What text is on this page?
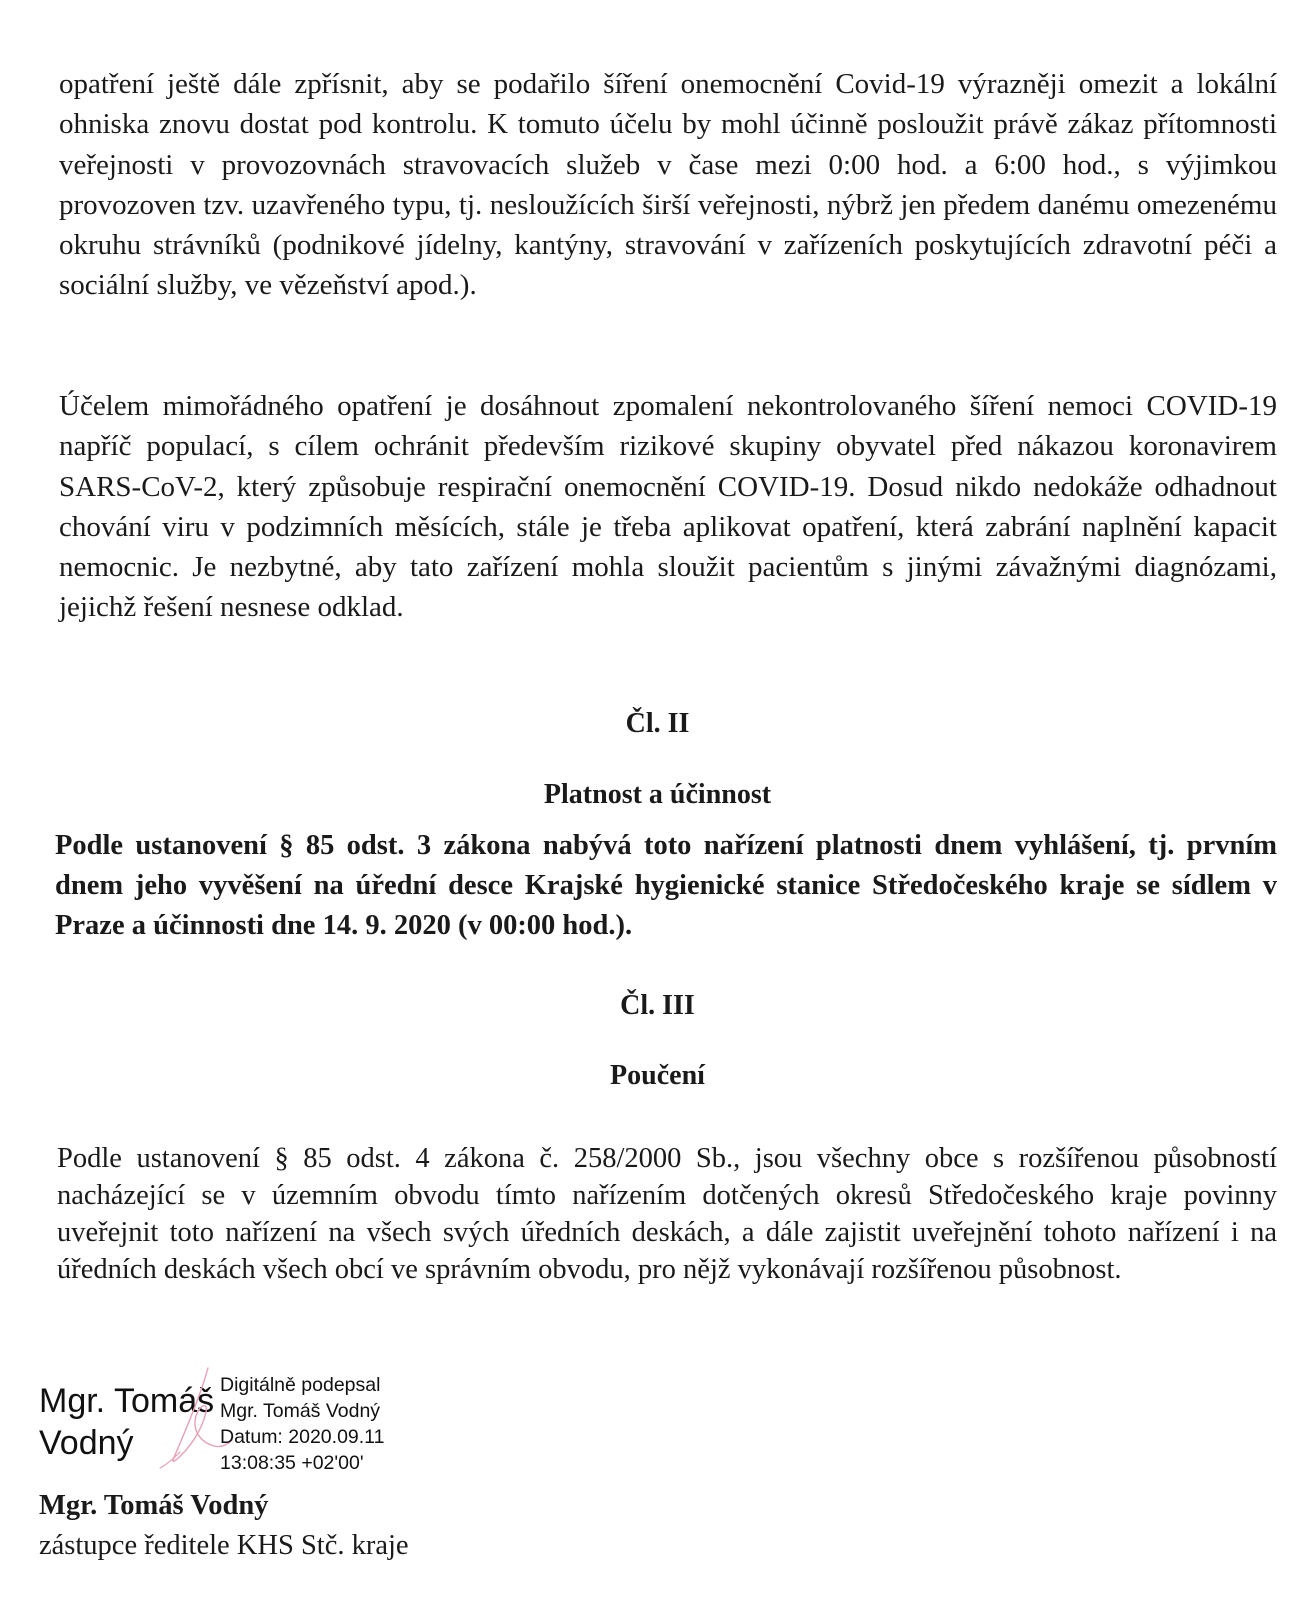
opatření ještě dále zpřísnit, aby se podařilo šíření onemocnění Covid-19 výrazněji omezit a lokální ohniska znovu dostat pod kontrolu. K tomuto účelu by mohl účinně posloužit právě zákaz přítomnosti veřejnosti v provozovnách stravovacích služeb v čase mezi 0:00 hod. a 6:00 hod., s výjimkou provozoven tzv. uzavřeného typu, tj. nesloužících širší veřejnosti, nýbrž jen předem danému omezenému okruhu strávníků (podnikové jídelny, kantýny, stravování v zařízeních poskytujících zdravotní péči a sociální služby, ve vězeňství apod.).

Účelem mimořádného opatření je dosáhnout zpomalení nekontrolovaného šíření nemoci COVID-19 napříč populací, s cílem ochránit především rizikové skupiny obyvatel před nákazou koronavirem SARS-CoV-2, který způsobuje respirační onemocnění COVID-19. Dosud nikdo nedokáže odhadnout chování viru v podzimních měsících, stále je třeba aplikovat opatření, která zabrání naplnění kapacit nemocnic. Je nezbytné, aby tato zařízení mohla sloužit pacientům s jinými závažnými diagnózami, jejichž řešení nesnese odklad.

Čl. II
Platnost a účinnost

Podle ustanovení § 85 odst. 3 zákona nabývá toto nařízení platnosti dnem vyhlášení, tj. prvním dnem jeho vyvěšení na úřední desce Krajské hygienické stanice Středočeského kraje se sídlem v Praze a účinnosti dne 14. 9. 2020 (v 00:00 hod.).

Čl. III
Poučení

Podle ustanovení § 85 odst. 4 zákona č. 258/2000 Sb., jsou všechny obce s rozšířenou působností nacházející se v územním obvodu tímto nařízením dotčených okresů Středočeského kraje povinny uveřejnit toto nařízení na všech svých úředních deskách, a dále zajistit uveřejnění tohoto nařízení i na úředních deskách všech obcí ve správním obvodu, pro nějž vykonávají rozšířenou působnost.

Mgr. Tomáš
Vodný

Digitálně podepsal
Mgr. Tomáš Vodný
Datum: 2020.09.11
13:08:35 +02'00'

Mgr. Tomáš Vodný

zástupce ředitele KHS Stč. kraje
